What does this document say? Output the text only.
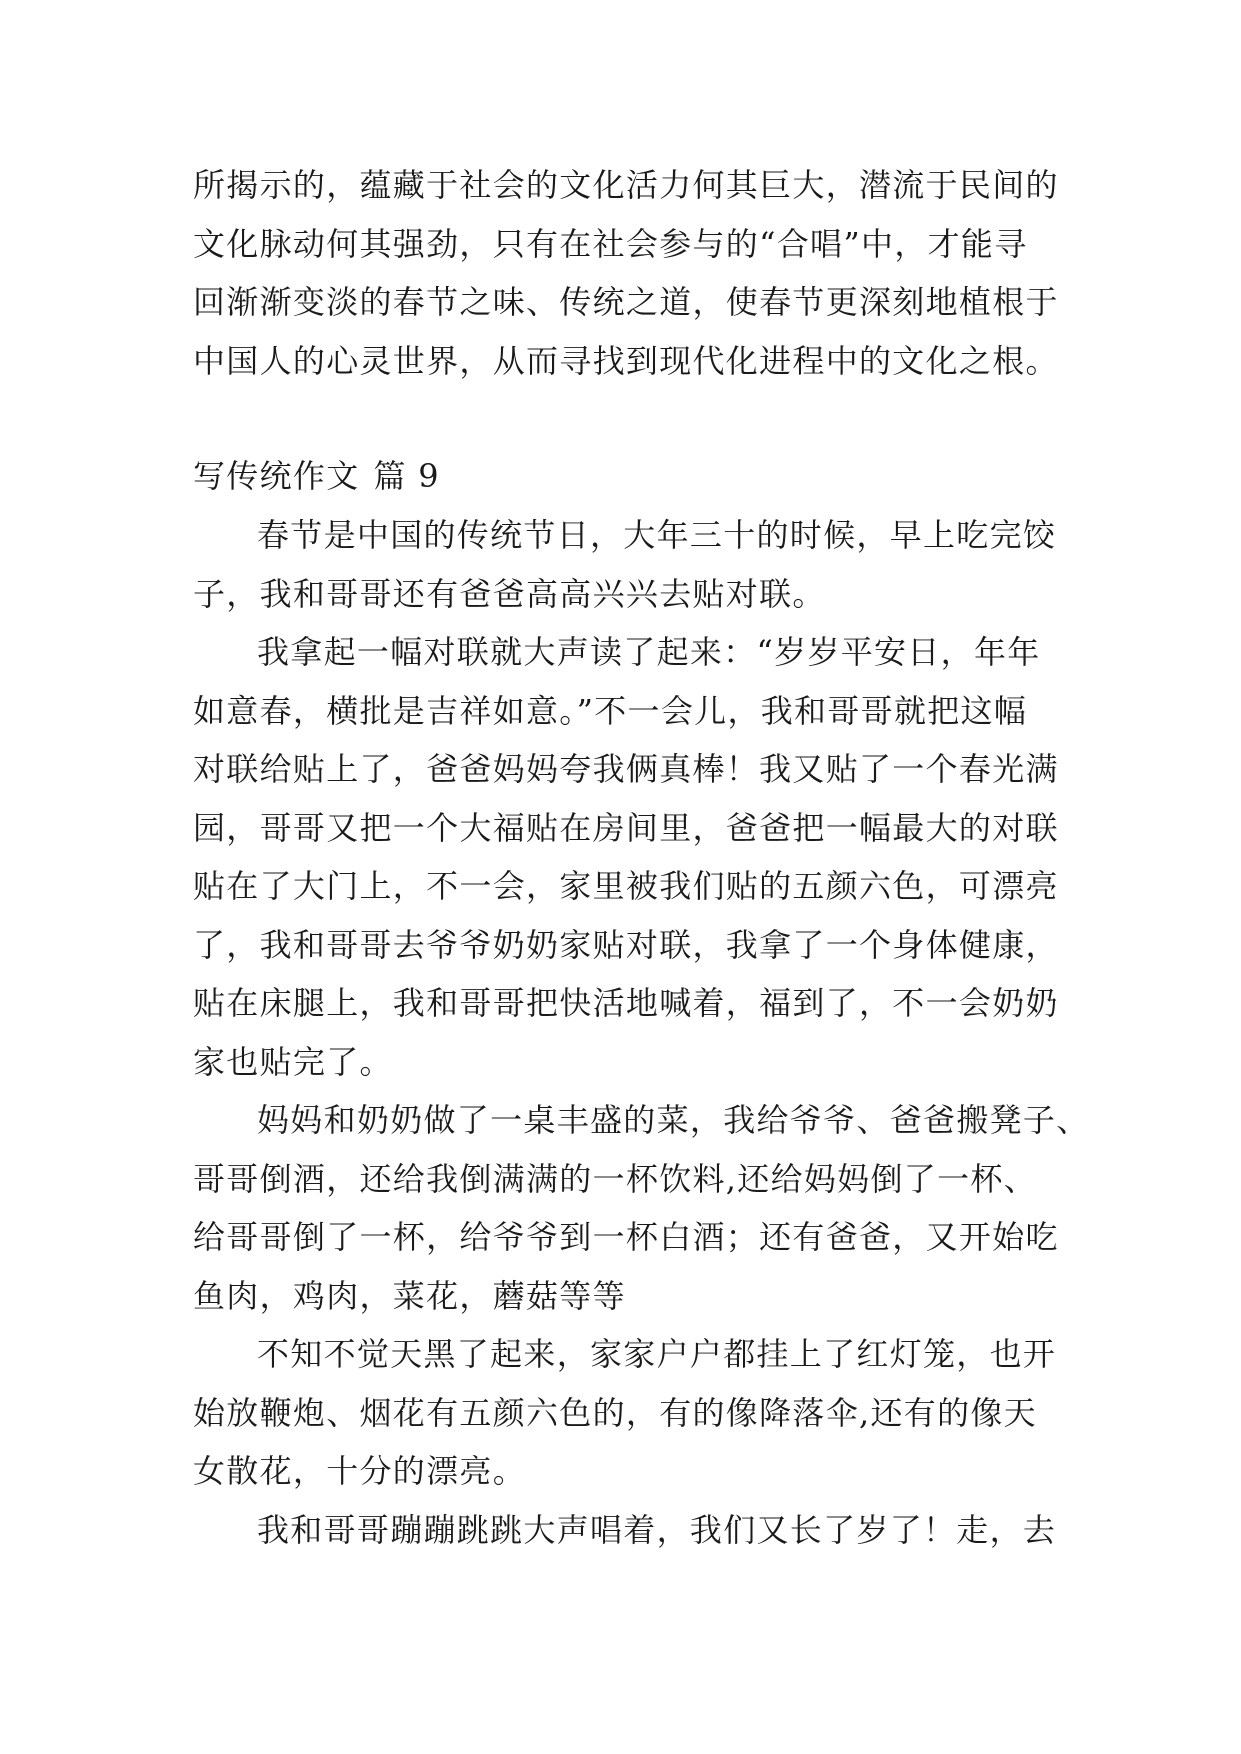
所揭示的，蕴藏于社会的文化活力何其巨大，潜流于民间的
文化脉动何其强劲，只有在社会参与的“合唱”中，才能寻
回渐渐变淡的春节之味、传统之道，使春节更深刻地植根于
中国人的心灵世界，从而寻找到现代化进程中的文化之根。
写传统作文 篇 9
春节是中国的传统节日，大年三十的时候，早上吃完饺
子，我和哥哥还有爸爸高高兴兴去贴对联。
我拿起一幅对联就大声读了起来：“岁岁平安日，年年
如意春，横批是吉祥如意。”不一会儿，我和哥哥就把这幅
对联给贴上了，爸爸妈妈夸我俩真棒！我又贴了一个春光满
园，哥哥又把一个大福贴在房间里，爸爸把一幅最大的对联
贴在了大门上，不一会，家里被我们贴的五颜六色，可漂亮
了，我和哥哥去爷爷奶奶家贴对联，我拿了一个身体健康，
贴在床腿上，我和哥哥把快活地喊着，福到了，不一会奶奶
家也贴完了。
妈妈和奶奶做了一桌丰盛的菜，我给爷爷、爸爸搬凳子、
哥哥倒酒，还给我倒满满的一杯饮料,还给妈妈倒了一杯、
给哥哥倒了一杯，给爷爷到一杯白酒；还有爸爸，又开始吃
鱼肉，鸡肉，菜花，蘑菇等等
不知不觉天黑了起来，家家户户都挂上了红灯笼，也开
始放鞭炮、烟花有五颜六色的，有的像降落伞,还有的像天
女散花，十分的漂亮。
我和哥哥蹦蹦跳跳大声唱着，我们又长了岁了！走，去
